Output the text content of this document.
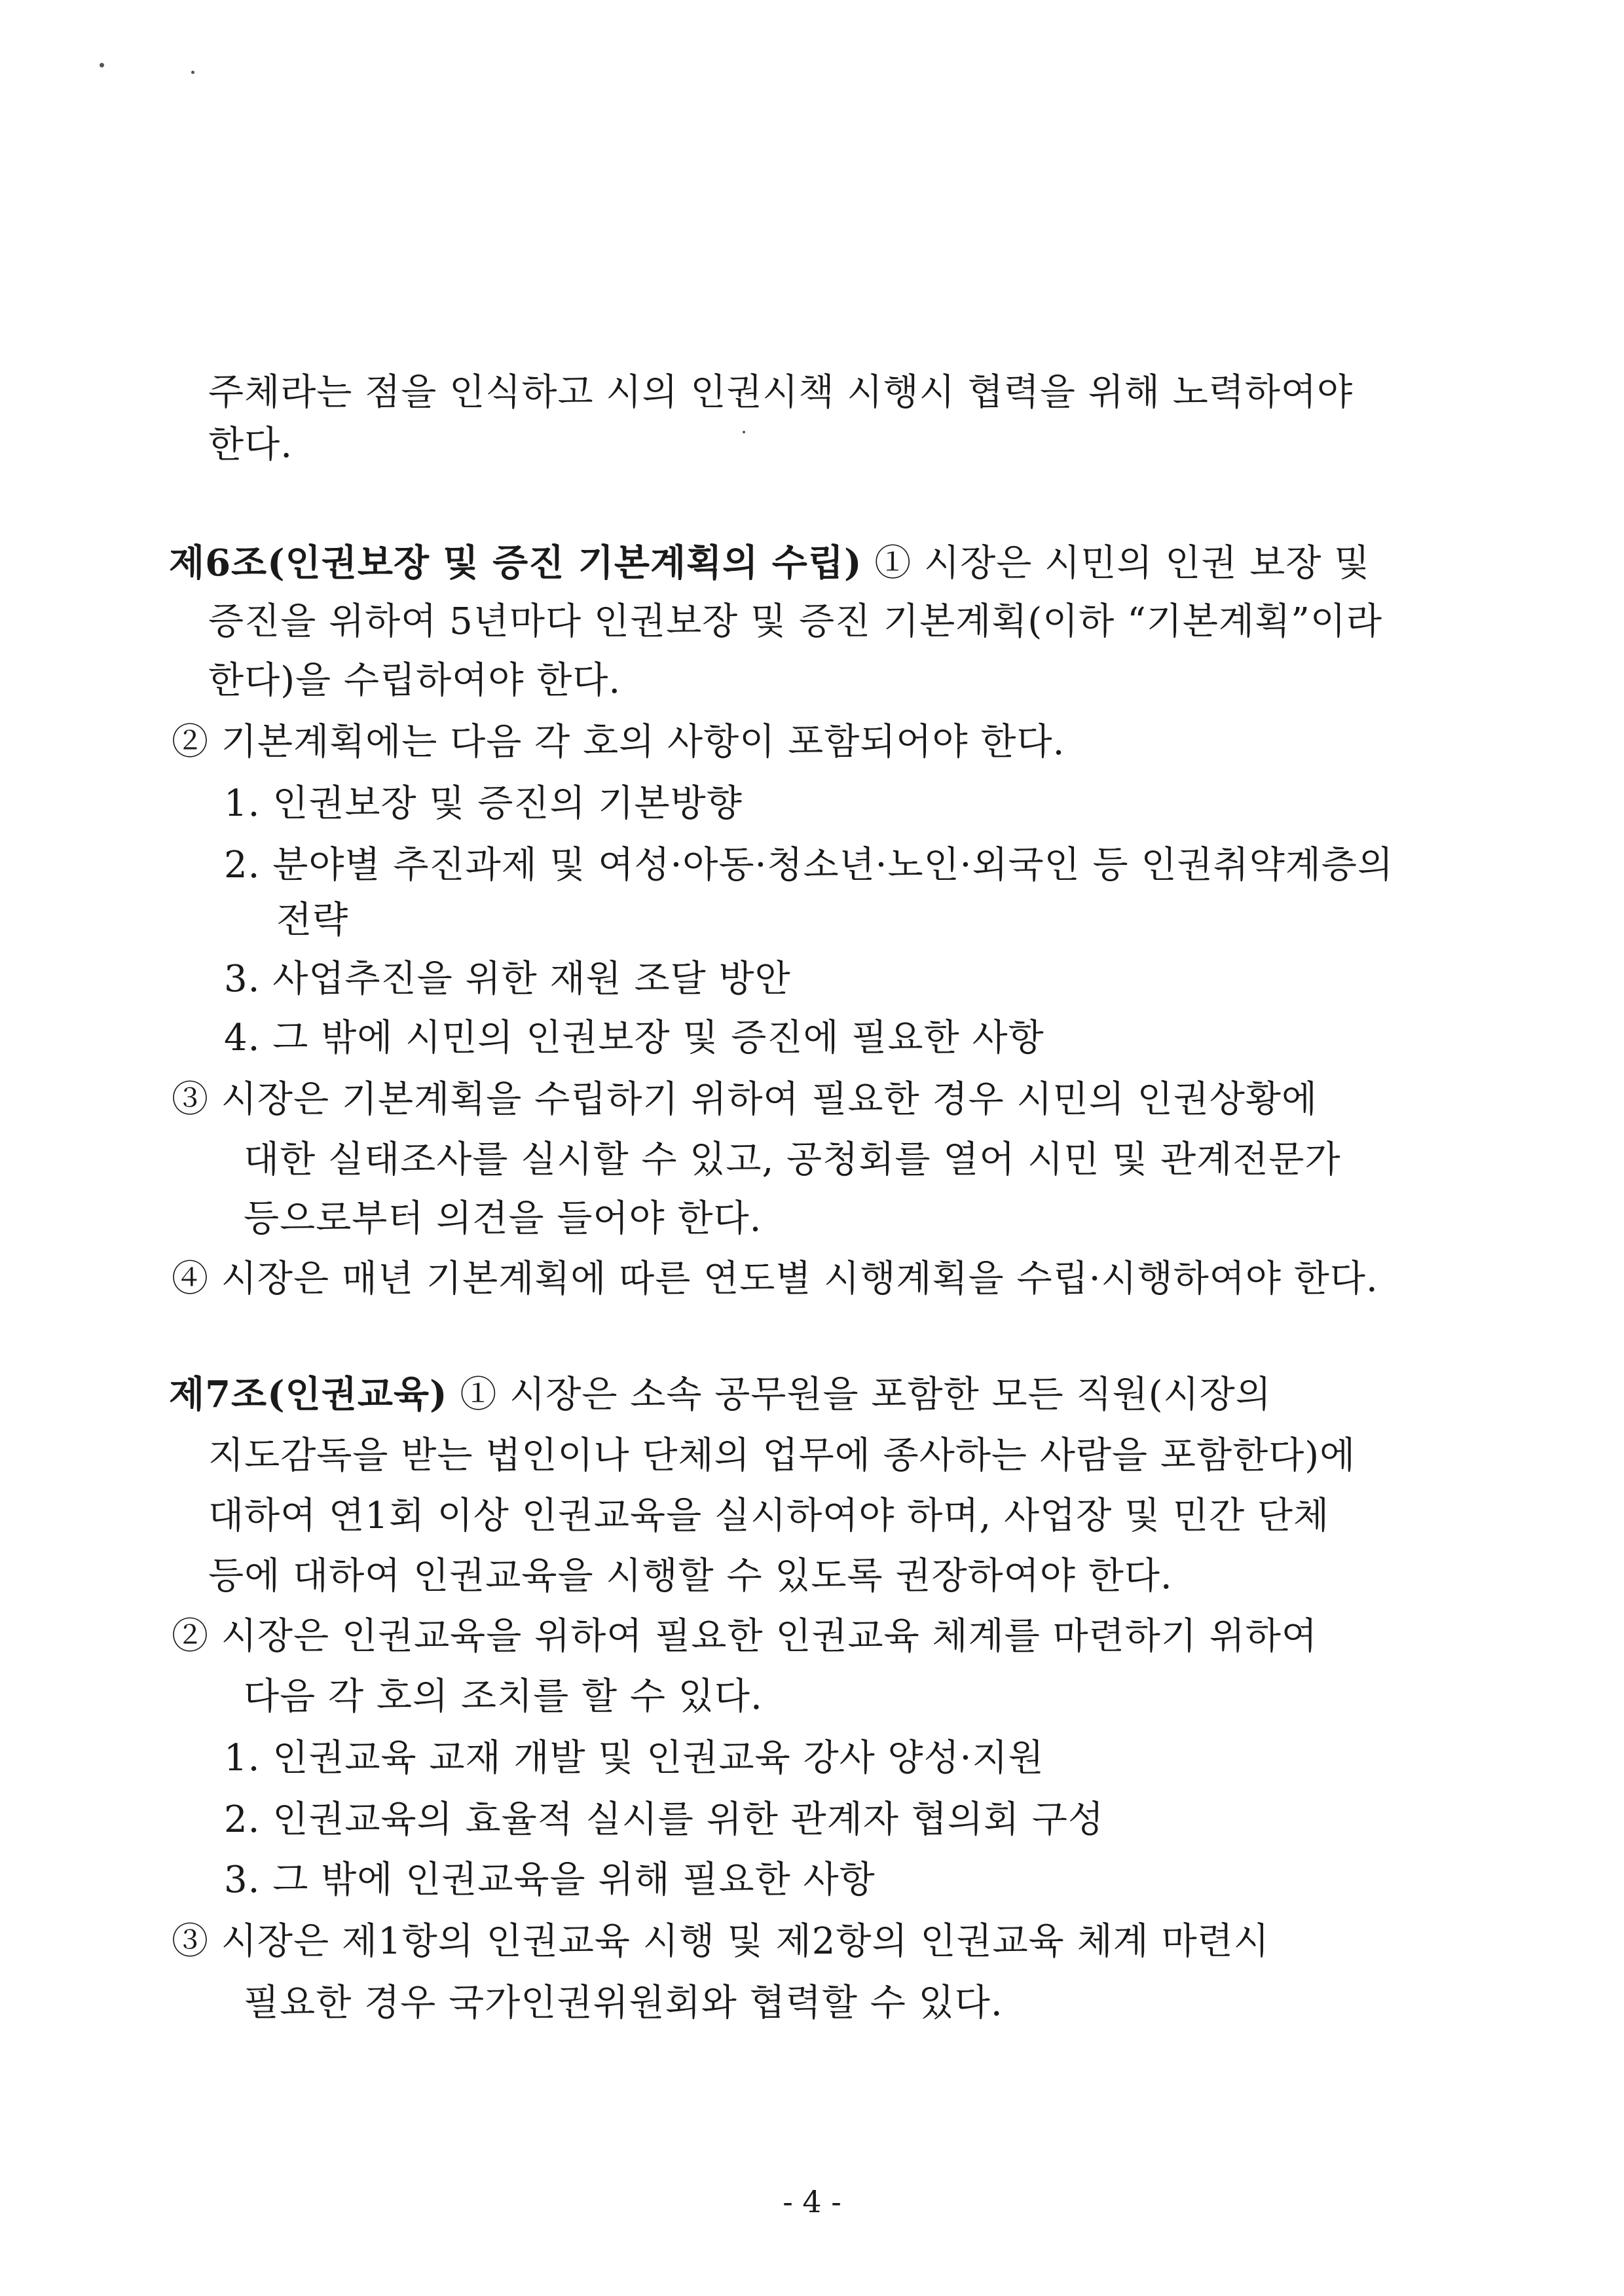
주체라는 점을 인식하고 시의 인권시책 시행시 협력을 위해 노력하여야
한다.
제6조(인권보장 및 증진 기본계획의 수립) ① 시장은 시민의 인권 보장 및
증진을 위하여 5년마다 인권보장 및 증진 기본계획(이하 “기본계획”이라
한다)을 수립하여야 한다.
② 기본계획에는 다음 각 호의 사항이 포함되어야 한다.
1. 인권보장 및 증진의 기본방향
2. 분야별 추진과제 및 여성·아동·청소년·노인·외국인 등 인권취약계층의
전략
3. 사업추진을 위한 재원 조달 방안
4. 그 밖에 시민의 인권보장 및 증진에 필요한 사항
③ 시장은 기본계획을 수립하기 위하여 필요한 경우 시민의 인권상황에
대한 실태조사를 실시할 수 있고, 공청회를 열어 시민 및 관계전문가
등으로부터 의견을 들어야 한다.
④ 시장은 매년 기본계획에 따른 연도별 시행계획을 수립·시행하여야 한다.
제7조(인권교육) ① 시장은 소속 공무원을 포함한 모든 직원(시장의
지도감독을 받는 법인이나 단체의 업무에 종사하는 사람을 포함한다)에
대하여 연1회 이상 인권교육을 실시하여야 하며, 사업장 및 민간 단체
등에 대하여 인권교육을 시행할 수 있도록 권장하여야 한다.
② 시장은 인권교육을 위하여 필요한 인권교육 체계를 마련하기 위하여
다음 각 호의 조치를 할 수 있다.
1. 인권교육 교재 개발 및 인권교육 강사 양성·지원
2. 인권교육의 효율적 실시를 위한 관계자 협의회 구성
3. 그 밖에 인권교육을 위해 필요한 사항
③ 시장은 제1항의 인권교육 시행 및 제2항의 인권교육 체계 마련시
필요한 경우 국가인권위원회와 협력할 수 있다.
- 4 -
